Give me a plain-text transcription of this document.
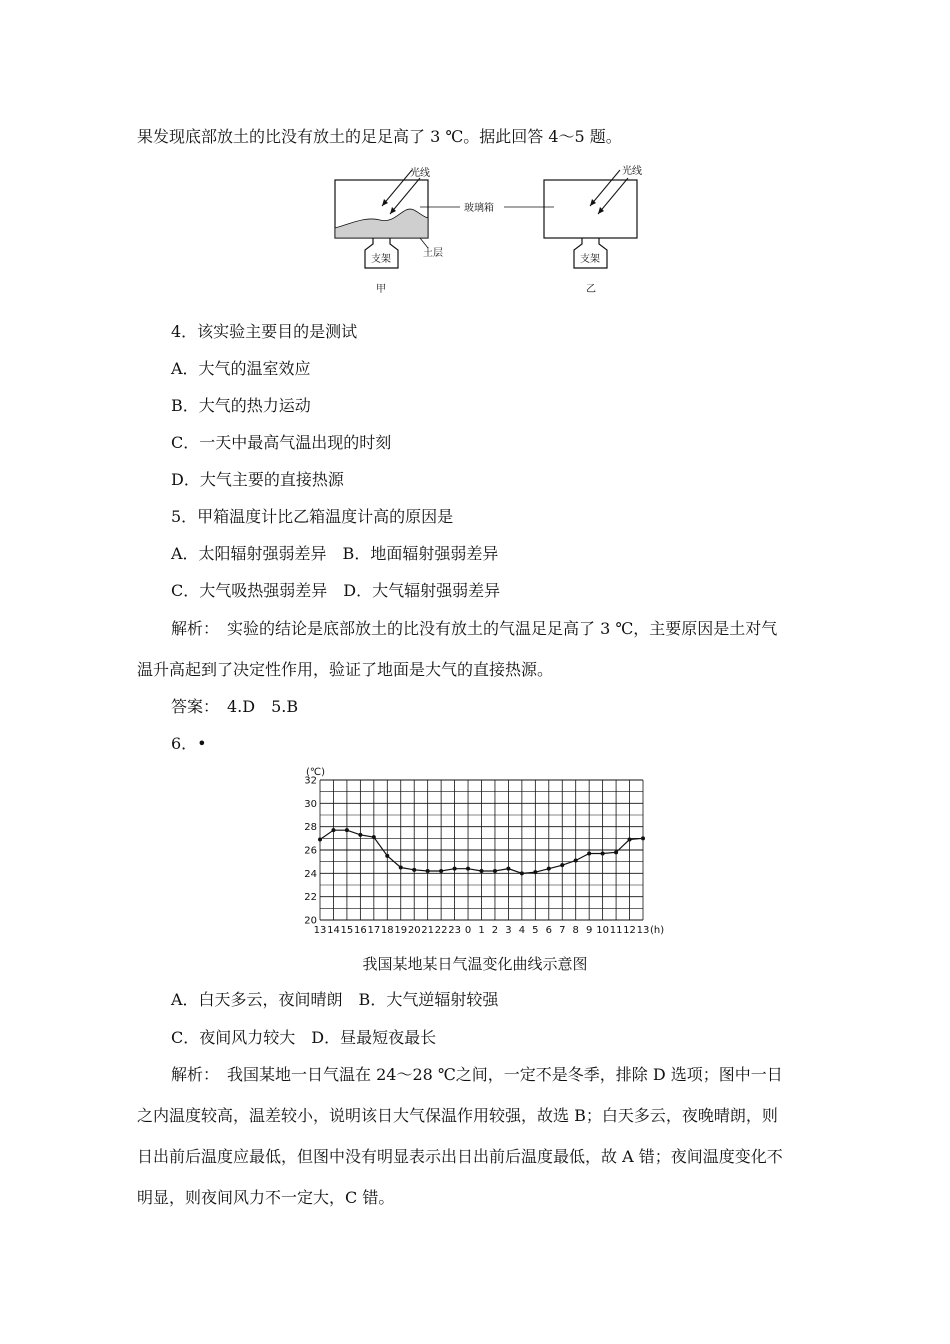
果发现底部放土的比没有放土的足足高了 3 ℃。据此回答 4～5 题。
光线
支架
土层
玻璃箱
甲
光线
支架
乙
4．该实验主要目的是测试
A．大气的温室效应
B．大气的热力运动
C．一天中最高气温出现的时刻
D．大气主要的直接热源
5．甲箱温度计比乙箱温度计高的原因是
A．太阳辐射强弱差异　B．地面辐射强弱差异
C．大气吸热强弱差异　D．大气辐射强弱差异
解析：　实验的结论是底部放土的比没有放土的气温足足高了 3 ℃，主要原因是土对气
温升高起到了决定性作用，验证了地面是大气的直接热源。
答案：　4.D　5.B
6．•
32
30
28
26
24
22
20
(℃)
13 14 15 16 17 18 19 20 21 22 23 0 1 2 3 4 5 6 7 8 9 10 11 12 13 (h)
我国某地某日气温变化曲线示意图
A．白天多云，夜间晴朗　B．大气逆辐射较强
C．夜间风力较大　D．昼最短夜最长
解析：　我国某地一日气温在 24～28 ℃之间，一定不是冬季，排除 D 选项；图中一日
之内温度较高，温差较小，说明该日大气保温作用较强，故选 B；白天多云，夜晚晴朗，则
日出前后温度应最低，但图中没有明显表示出日出前后温度最低，故 A 错；夜间温度变化不
明显，则夜间风力不一定大，C 错。
